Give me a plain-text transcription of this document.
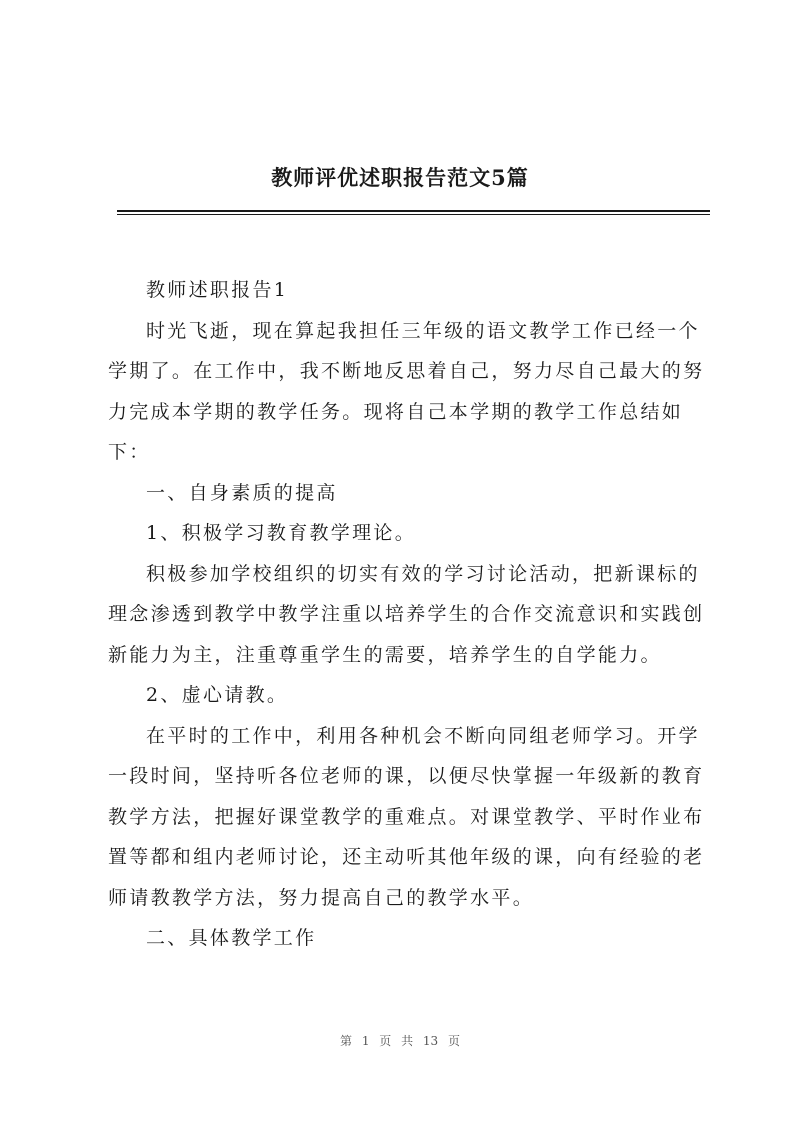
教师评优述职报告范文5篇

教师述职报告1

时光飞逝，现在算起我担任三年级的语文教学工作已经一个学期了。在工作中，我不断地反思着自己，努力尽自己最大的努力完成本学期的教学任务。现将自己本学期的教学工作总结如下：

一、自身素质的提高

1、积极学习教育教学理论。

积极参加学校组织的切实有效的学习讨论活动，把新课标的理念渗透到教学中教学注重以培养学生的合作交流意识和实践创新能力为主，注重尊重学生的需要，培养学生的自学能力。

2、虚心请教。

在平时的工作中，利用各种机会不断向同组老师学习。开学一段时间，坚持听各位老师的课，以便尽快掌握一年级新的教育教学方法，把握好课堂教学的重难点。对课堂教学、平时作业布置等都和组内老师讨论，还主动听其他年级的课，向有经验的老师请教教学方法，努力提高自己的教学水平。

二、具体教学工作

第 1 页 共 13 页
